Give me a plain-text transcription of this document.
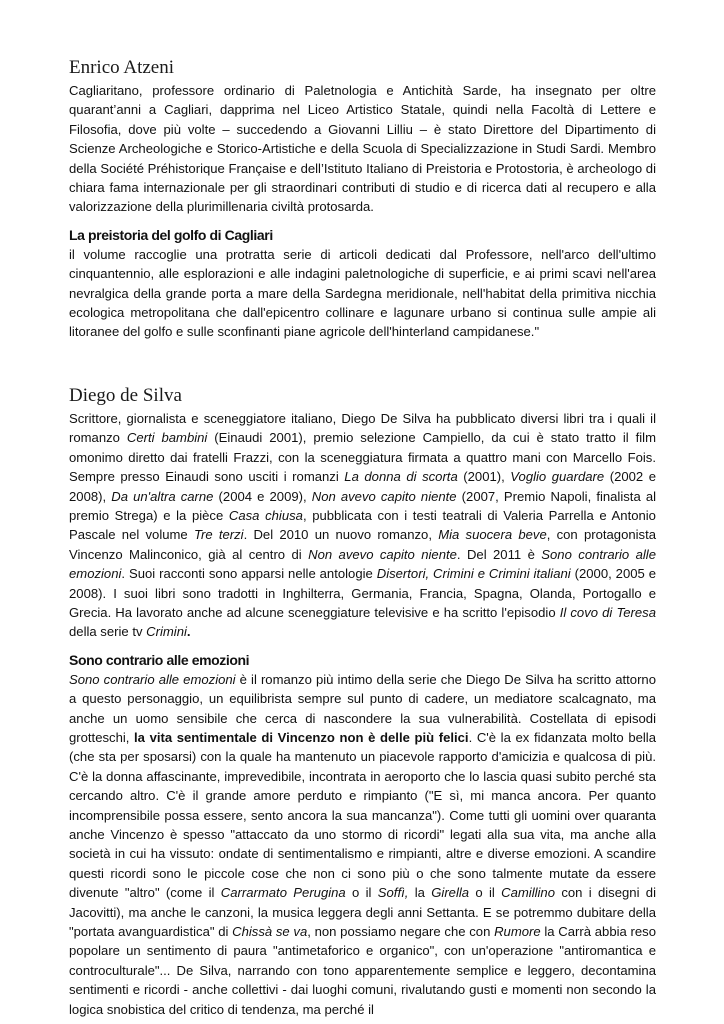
Enrico Atzeni

Cagliaritano, professore ordinario di Paletnologia e Antichità Sarde, ha insegnato per oltre quarant’anni a Cagliari, dapprima nel Liceo Artistico Statale, quindi nella Facoltà di Lettere e Filosofia, dove più volte – succedendo a Giovanni Lilliu – è stato Direttore del Dipartimento di Scienze Archeologiche e Storico-Artistiche e della Scuola di Specializzazione in Studi Sardi. Membro della Société Préhistorique Française e dell’Istituto Italiano di Preistoria e Protostoria, è archeologo di chiara fama internazionale per gli straordinari contributi di studio e di ricerca dati al recupero e alla valorizzazione della plurimillenaria civiltà protosarda.

La preistoria del golfo di Cagliari

il volume raccoglie una protratta serie di articoli dedicati dal Professore, nell'arco dell'ultimo cinquantennio, alle esplorazioni e alle indagini paletnologiche di superficie, e ai primi scavi nell'area nevralgica della grande porta a mare della Sardegna meridionale, nell'habitat della primitiva nicchia ecologica metropolitana che dall'epicentro collinare e lagunare urbano si continua sulle ampie ali litoranee del golfo e sulle sconfinanti piane agricole dell'hinterland campidanese."

Diego de Silva

Scrittore, giornalista e sceneggiatore italiano, Diego De Silva ha pubblicato diversi libri tra i quali il romanzo Certi bambini (Einaudi 2001), premio selezione Campiello, da cui è stato tratto il film omonimo diretto dai fratelli Frazzi, con la sceneggiatura firmata a quattro mani con Marcello Fois. Sempre presso Einaudi sono usciti i romanzi La donna di scorta (2001), Voglio guardare (2002 e 2008), Da un'altra carne (2004 e 2009), Non avevo capito niente (2007, Premio Napoli, finalista al premio Strega) e la pièce Casa chiusa, pubblicata con i testi teatrali di Valeria Parrella e Antonio Pascale nel volume Tre terzi. Del 2010 un nuovo romanzo, Mia suocera beve, con protagonista Vincenzo Malinconico, già al centro di Non avevo capito niente. Del 2011 è Sono contrario alle emozioni. Suoi racconti sono apparsi nelle antologie Disertori, Crimini e Crimini italiani (2000, 2005 e 2008). I suoi libri sono tradotti in Inghilterra, Germania, Francia, Spagna, Olanda, Portogallo e Grecia. Ha lavorato anche ad alcune sceneggiature televisive e ha scritto l'episodio Il covo di Teresa della serie tv Crimini.

Sono contrario alle emozioni

Sono contrario alle emozioni è il romanzo più intimo della serie che Diego De Silva ha scritto attorno a questo personaggio, un equilibrista sempre sul punto di cadere, un mediatore scalcagnato, ma anche un uomo sensibile che cerca di nascondere la sua vulnerabilità. Costellata di episodi grotteschi, la vita sentimentale di Vincenzo non è delle più felici. C'è la ex fidanzata molto bella (che sta per sposarsi) con la quale ha mantenuto un piacevole rapporto d'amicizia e qualcosa di più. C'è la donna affascinante, imprevedibile, incontrata in aeroporto che lo lascia quasi subito perché sta cercando altro. C'è il grande amore perduto e rimpianto ("E sì, mi manca ancora. Per quanto incomprensibile possa essere, sento ancora la sua mancanza"). Come tutti gli uomini over quaranta anche Vincenzo è spesso "attaccato da uno stormo di ricordi" legati alla sua vita, ma anche alla società in cui ha vissuto: ondate di sentimentalismo e rimpianti, altre e diverse emozioni. A scandire questi ricordi sono le piccole cose che non ci sono più o che sono talmente mutate da essere divenute "altro" (come il Carrarmato Perugina o il Soffì, la Girella o il Camillino con i disegni di Jacovitti), ma anche le canzoni, la musica leggera degli anni Settanta. E se potremmo dubitare della "portata avanguardistica" di Chissà se va, non possiamo negare che con Rumore la Carrà abbia reso popolare un sentimento di paura "antimetaforico e organico", con un'operazione "antiromantica e controculturale"... De Silva, narrando con tono apparentemente semplice e leggero, decontamina sentimenti e ricordi - anche collettivi - dai luoghi comuni, rivalutando gusti e momenti non secondo la logica snobistica del critico di tendenza, ma perché il
